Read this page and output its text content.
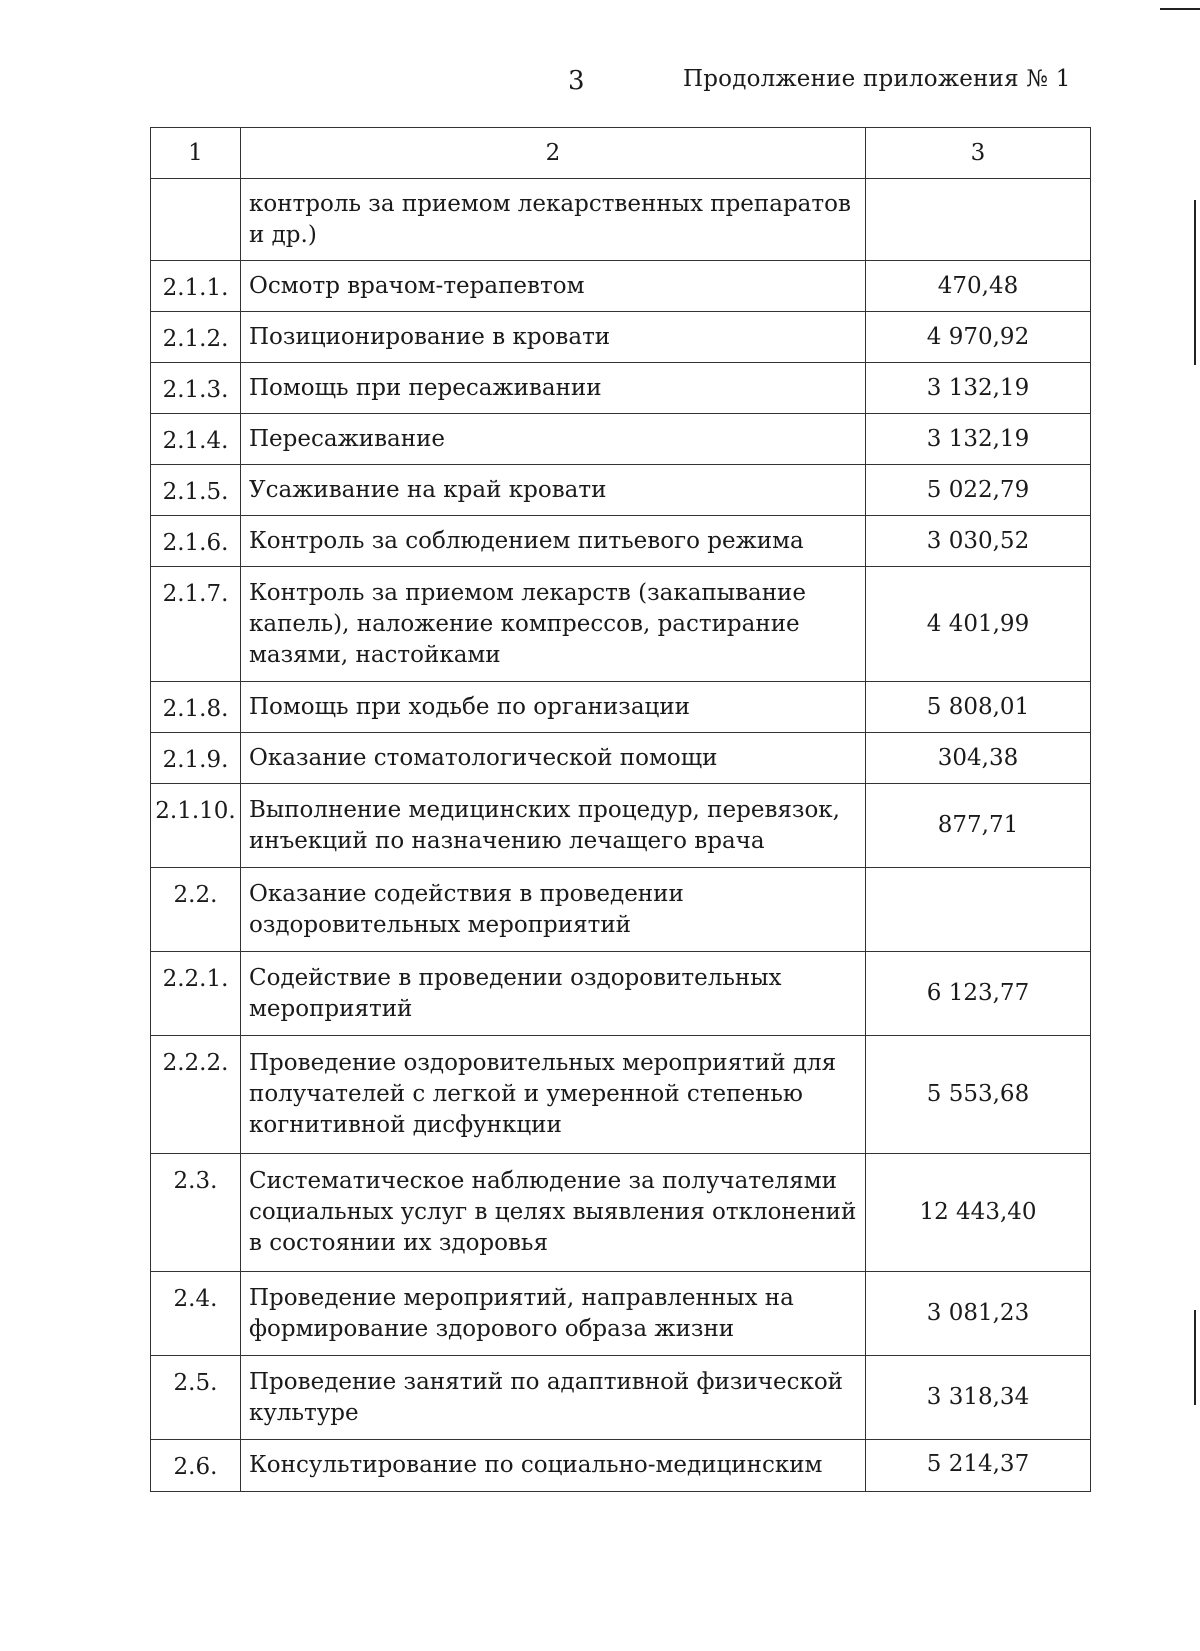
3	Продолжение приложения № 1
1	2	3
	контроль за приемом лекарственных препаратов и др.)	
2.1.1.	Осмотр врачом-терапевтом	470,48
2.1.2.	Позиционирование в кровати	4 970,92
2.1.3.	Помощь при пересаживании	3 132,19
2.1.4.	Пересаживание	3 132,19
2.1.5.	Усаживание на край кровати	5 022,79
2.1.6.	Контроль за соблюдением питьевого режима	3 030,52
2.1.7.	Контроль за приемом лекарств (закапывание капель), наложение компрессов, растирание мазями, настойками	4 401,99
2.1.8.	Помощь при ходьбе по организации	5 808,01
2.1.9.	Оказание стоматологической помощи	304,38
2.1.10.	Выполнение медицинских процедур, перевязок, инъекций по назначению лечащего врача	877,71
2.2.	Оказание содействия в проведении оздоровительных мероприятий	
2.2.1.	Содействие в проведении оздоровительных мероприятий	6 123,77
2.2.2.	Проведение оздоровительных мероприятий для получателей с легкой и умеренной степенью когнитивной дисфункции	5 553,68
2.3.	Систематическое наблюдение за получателями социальных услуг в целях выявления отклонений в состоянии их здоровья	12 443,40
2.4.	Проведение мероприятий, направленных на формирование здорового образа жизни	3 081,23
2.5.	Проведение занятий по адаптивной физической культуре	3 318,34
2.6.	Консультирование по социально-медицинским	5 214,37
